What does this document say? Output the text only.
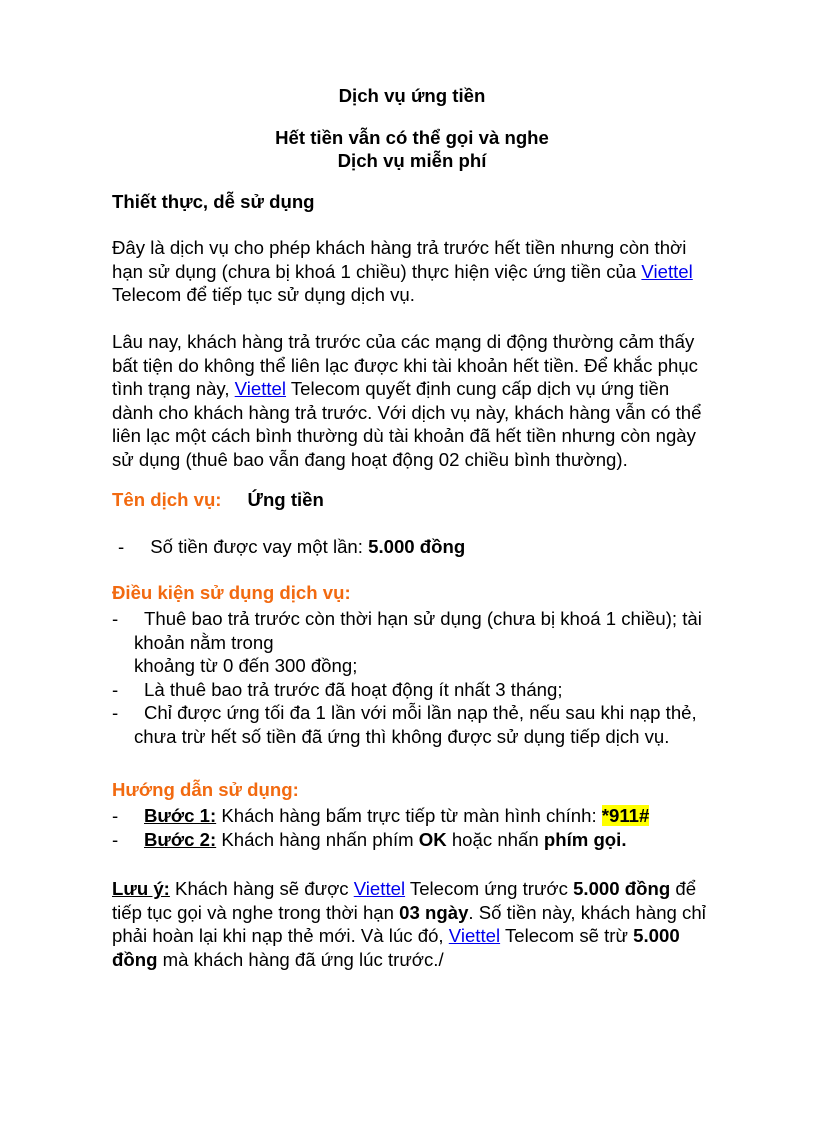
Dịch vụ ứng tiền
Hết tiền vẫn có thể gọi và nghe
Dịch vụ miễn phí
Thiết thực, dễ sử dụng
Đây là dịch vụ cho phép khách hàng trả trước hết tiền nhưng còn thời hạn sử dụng (chưa bị khoá 1 chiều) thực hiện việc ứng tiền của Viettel Telecom để tiếp tục sử dụng dịch vụ.
Lâu nay, khách hàng trả trước của các mạng di động thường cảm thấy bất tiện do không thể liên lạc được khi tài khoản hết tiền. Để khắc phục tình trạng này, Viettel Telecom quyết định cung cấp dịch vụ ứng tiền dành cho khách hàng trả trước. Với dịch vụ này, khách hàng vẫn có thể liên lạc một cách bình thường dù tài khoản đã hết tiền nhưng còn ngày sử dụng (thuê bao vẫn đang hoạt động 02 chiều bình thường).
Tên dịch vụ: Ứng tiền
- Số tiền được vay một lần: 5.000 đồng
Điều kiện sử dụng dịch vụ:
- Thuê bao trả trước còn thời hạn sử dụng (chưa bị khoá 1 chiều); tài khoản nằm trong
khoảng từ 0 đến 300 đồng;
- Là thuê bao trả trước đã hoạt động ít nhất 3 tháng;
- Chỉ được ứng tối đa 1 lần với mỗi lần nạp thẻ, nếu sau khi nạp thẻ, chưa trừ hết số tiền đã ứng thì không được sử dụng tiếp dịch vụ.
Hướng dẫn sử dụng:
- Bước 1: Khách hàng bấm trực tiếp từ màn hình chính: *911#
- Bước 2: Khách hàng nhấn phím OK hoặc nhấn phím gọi.
Lưu ý: Khách hàng sẽ được Viettel Telecom ứng trước 5.000 đồng để tiếp tục gọi và nghe trong thời hạn 03 ngày. Số tiền này, khách hàng chỉ phải hoàn lại khi nạp thẻ mới. Và lúc đó, Viettel Telecom sẽ trừ 5.000 đồng mà khách hàng đã ứng lúc trước./
